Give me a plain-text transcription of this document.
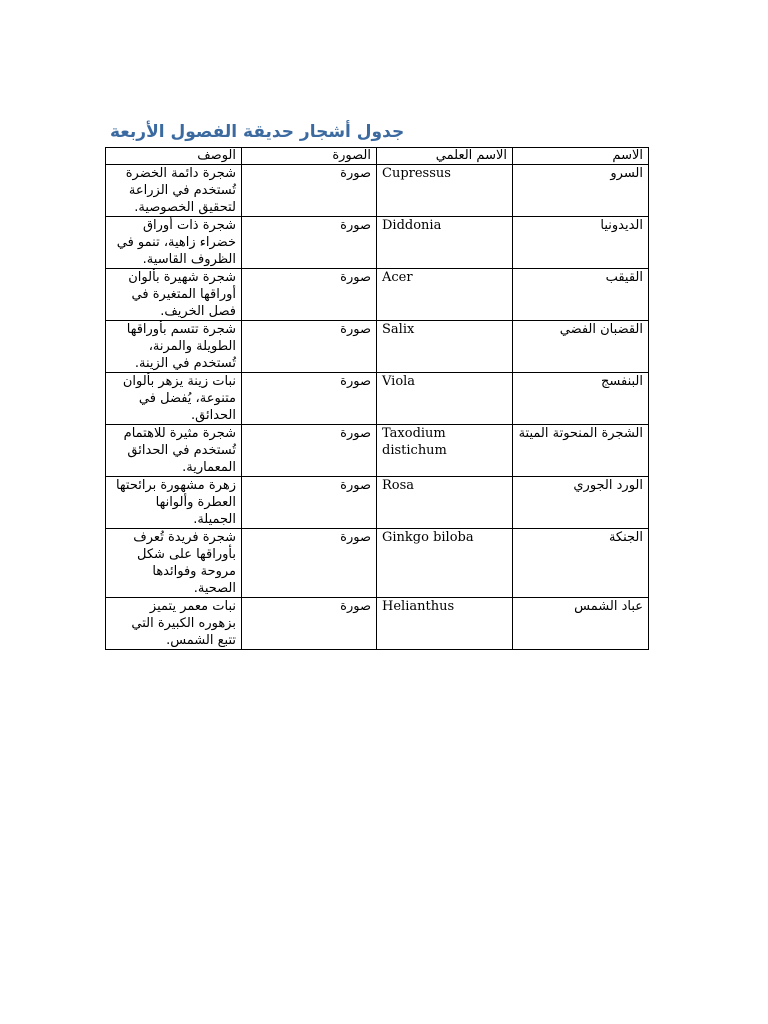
جدول أشجار حديقة الفصول الأربعة
الوصف	الصورة	الاسم العلمي	الاسم
شجرة دائمة الخضرة تُستخدم في الزراعة لتحقيق الخصوصية.	صورة	Cupressus	السرو
شجرة ذات أوراق خضراء زاهية، تنمو في الظروف القاسية.	صورة	Diddonia	الديدونيا
شجرة شهيرة بألوان أوراقها المتغيرة في فصل الخريف.	صورة	Acer	القيقب
شجرة تتسم بأوراقها الطويلة والمرنة، تُستخدم في الزينة.	صورة	Salix	القضبان الفضي
نبات زينة يزهر بألوان متنوعة، يُفضل في الحدائق.	صورة	Viola	البنفسج
شجرة مثيرة للاهتمام تُستخدم في الحدائق المعمارية.	صورة	Taxodium distichum	الشجرة المنحوتة الميتة
زهرة مشهورة برائحتها العطرة وألوانها الجميلة.	صورة	Rosa	الورد الجوري
شجرة فريدة تُعرف بأوراقها على شكل مروحة وفوائدها الصحية.	صورة	Ginkgo biloba	الجنكة
نبات معمر يتميز بزهوره الكبيرة التي تتبع الشمس.	صورة	Helianthus	عباد الشمس
